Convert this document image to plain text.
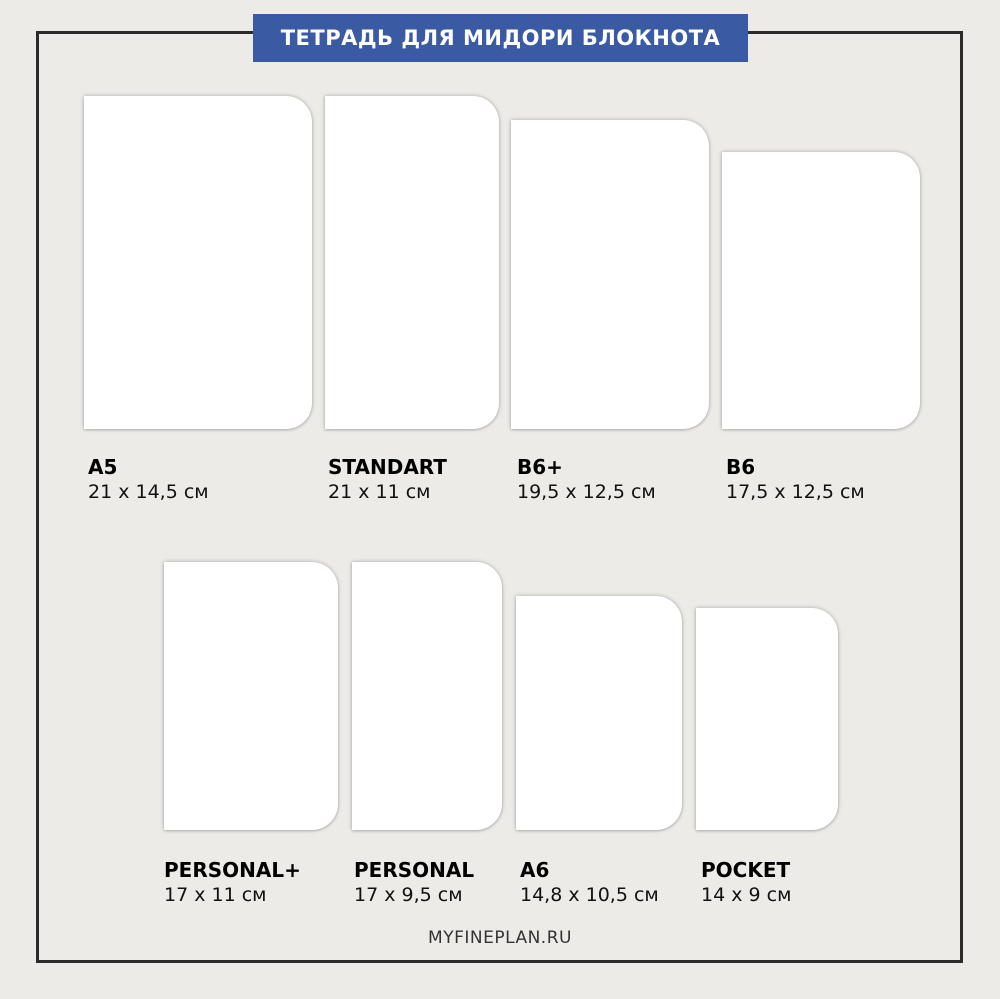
ТЕТРАДЬ ДЛЯ МИДОРИ БЛОКНОТА
A5
21 x 14,5 см
STANDART
21 x 11 см
B6+
19,5 x 12,5 см
B6
17,5 x 12,5 см
PERSONAL+
17 x 11 см
PERSONAL
17 x 9,5 см
A6
14,8 x 10,5 см
POCKET
14 x 9 см
MYFINEPLAN.RU
